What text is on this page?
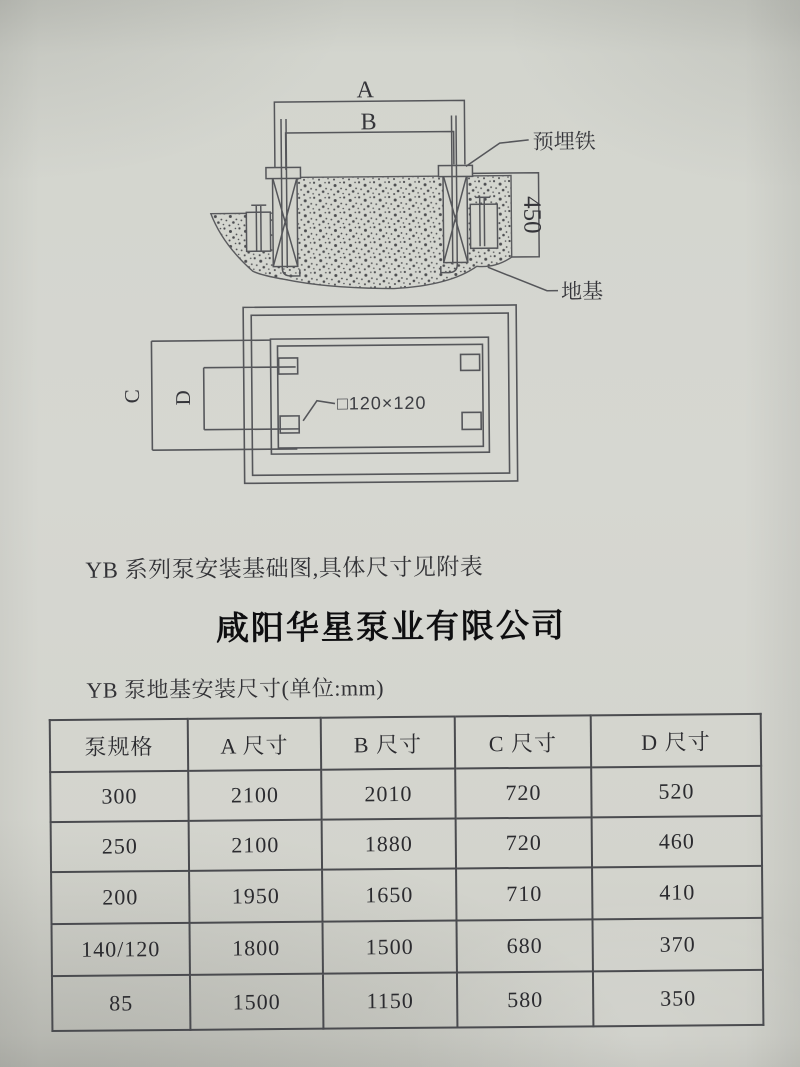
A
B
450
预埋铁
地基
C D	□120×120
YB 系列泵安装基础图,具体尺寸见附表
咸阳华星泵业有限公司
YB 泵地基安装尺寸(单位:mm)
泵规格	A 尺寸	B 尺寸	C 尺寸	D 尺寸
300	2100	2010	720	520
250	2100	1880	720	460
200	1950	1650	710	410
140/120	1800	1500	680	370
85	1500	1150	580	350
